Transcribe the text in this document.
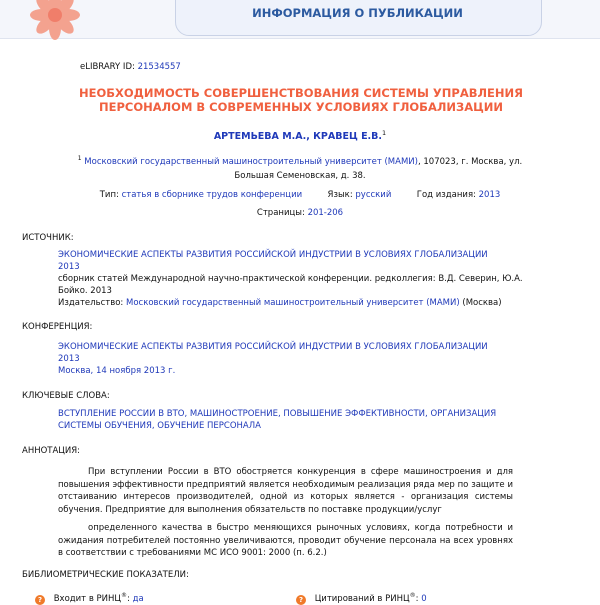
ИНФОРМАЦИЯ О ПУБЛИКАЦИИ
eLIBRARY ID: 21534557
НЕОБХОДИМОСТЬ СОВЕРШЕНСТВОВАНИЯ СИСТЕМЫ УПРАВЛЕНИЯ ПЕРСОНАЛОМ В СОВРЕМЕННЫХ УСЛОВИЯХ ГЛОБАЛИЗАЦИИ
АРТЕМЬЕВА М.А., КРАВЕЦ Е.В.$^1$
$^1$ Московский государственный машиностроительный университет (МАМИ), 107023, г. Москва, ул. Большая Семеновская, д. 38.
Тип: статья в сборнике трудов конференции	Язык: русский	Год издания: 2013
Страницы: 201-206
ИСТОЧНИК:
ЭКОНОМИЧЕСКИЕ АСПЕКТЫ РАЗВИТИЯ РОССИЙСКОЙ ИНДУСТРИИ В УСЛОВИЯХ ГЛОБАЛИЗАЦИИ
2013
сборник статей Международной научно-практической конференции. редколлегия: В.Д. Северин, Ю.А. Бойко. 2013
Издательство: Московский государственный машиностроительный университет (МАМИ) (Москва)
КОНФЕРЕНЦИЯ:
ЭКОНОМИЧЕСКИЕ АСПЕКТЫ РАЗВИТИЯ РОССИЙСКОЙ ИНДУСТРИИ В УСЛОВИЯХ ГЛОБАЛИЗАЦИИ
2013
Москва, 14 ноября 2013 г.
КЛЮЧЕВЫЕ СЛОВА:
ВСТУПЛЕНИЕ РОССИИ В ВТО, МАШИНОСТРОЕНИЕ, ПОВЫШЕНИЕ ЭФФЕКТИВНОСТИ, ОРГАНИЗАЦИЯ СИСТЕМЫ ОБУЧЕНИЯ, ОБУЧЕНИЕ ПЕРСОНАЛА
АННОТАЦИЯ:

При вступлении России в ВТО обостряется конкуренция в сфере машиностроения и для повышения эффективности предприятий является необходимым реализация ряда мер по защите и отстаиванию интересов производителей, одной из которых является - организация системы обучения. Предприятие для выполнения обязательств по поставке продукции/услуг

определенного качества в быстро меняющихся рыночных условиях, когда потребности и ожидания потребителей постоянно увеличиваются, проводит обучение персонала на всех уровнях в соответствии с требованиями МС ИСО 9001: 2000 (п. 6.2.)

БИБЛИОМЕТРИЧЕСКИЕ ПОКАЗАТЕЛИ:
? Входит в РИНЦ®: да	? Цитирований в РИНЦ®: 0
